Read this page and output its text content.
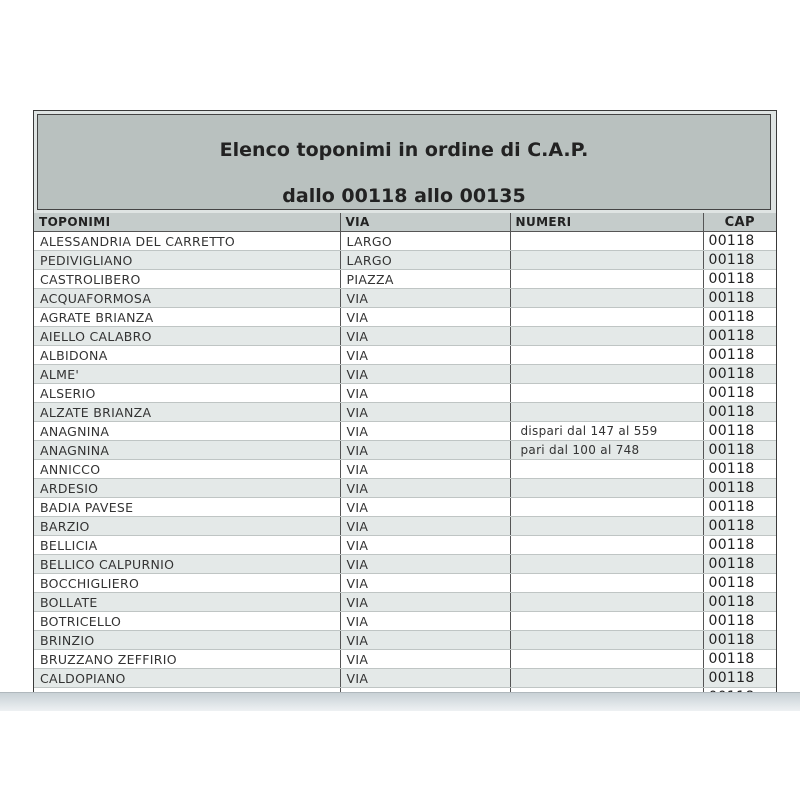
Elenco toponimi in ordine di C.A.P.
dallo 00118 allo 00135
TOPONIMI	VIA	NUMERI	CAP
ALESSANDRIA DEL CARRETTO	LARGO		00118
PEDIVIGLIANO	LARGO		00118
CASTROLIBERO	PIAZZA		00118
ACQUAFORMOSA	VIA		00118
AGRATE BRIANZA	VIA		00118
AIELLO CALABRO	VIA		00118
ALBIDONA	VIA		00118
ALME'	VIA		00118
ALSERIO	VIA		00118
ALZATE BRIANZA	VIA		00118
ANAGNINA	VIA	dispari dal 147 al 559	00118
ANAGNINA	VIA	pari dal 100 al 748	00118
ANNICCO	VIA		00118
ARDESIO	VIA		00118
BADIA PAVESE	VIA		00118
BARZIO	VIA		00118
BELLICIA	VIA		00118
BELLICO CALPURNIO	VIA		00118
BOCCHIGLIERO	VIA		00118
BOLLATE	VIA		00118
BOTRICELLO	VIA		00118
BRINZIO	VIA		00118
BRUZZANO ZEFFIRIO	VIA		00118
CALDOPIANO	VIA		00118
